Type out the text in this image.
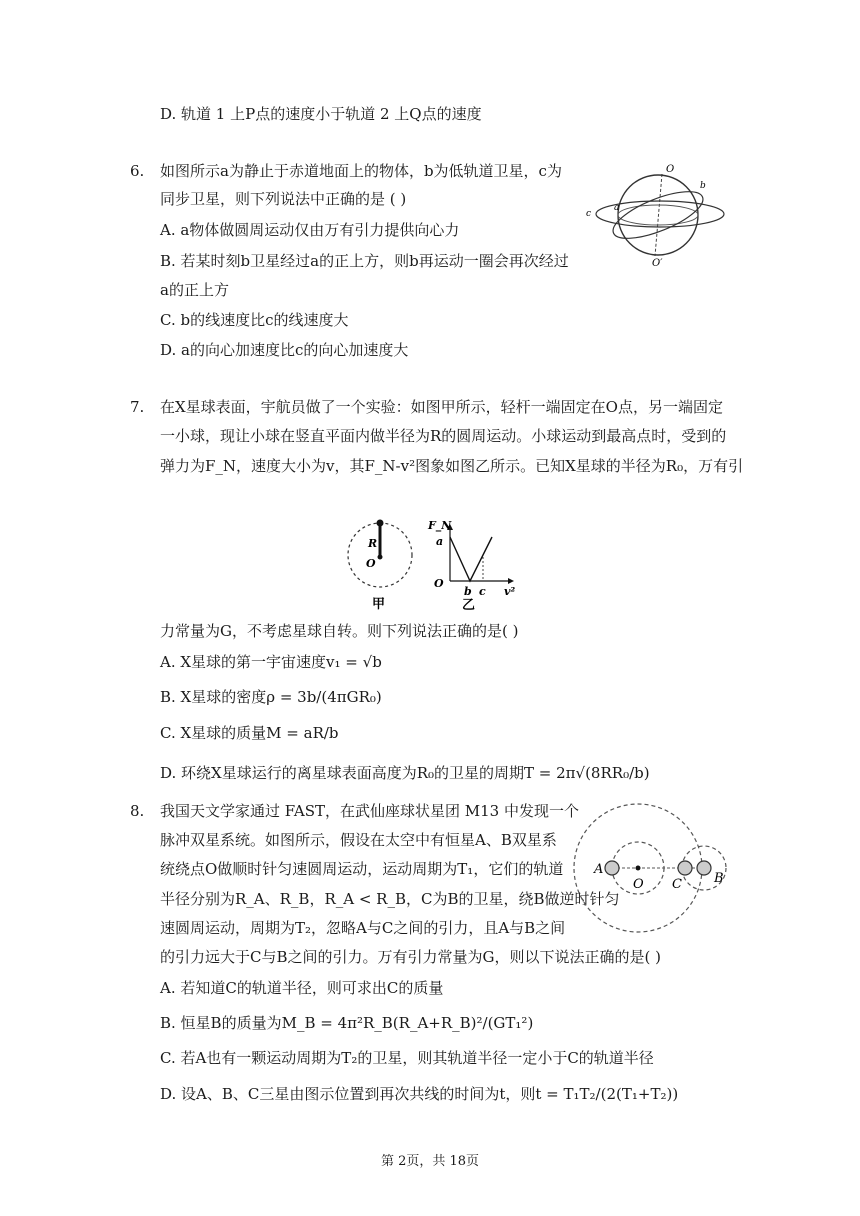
D. 轨道 1 上P点的速度小于轨道 2 上Q点的速度
6. 如图所示a为静止于赤道地面上的物体，b为低轨道卫星，c为
同步卫星，则下列说法中正确的是 ( )
A. a物体做圆周运动仅由万有引力提供向心力
B. 若某时刻b卫星经过a的正上方，则b再运动一圈会再次经过
a的正上方
C. b的线速度比c的线速度大
D. a的向心加速度比c的向心加速度大
O
O′
a
b
c
7. 在X星球表面，宇航员做了一个实验：如图甲所示，轻杆一端固定在O点，另一端固定
一小球，现让小球在竖直平面内做半径为R的圆周运动。小球运动到最高点时，受到的
弹力为F_N，速度大小为v，其F_N-v²图象如图乙所示。已知X星球的半径为R₀，万有引
R
O
甲
F_N
a
O
b c v²
乙
力常量为G，不考虑星球自转。则下列说法正确的是( )
A. X星球的第一宇宙速度v₁ = √b
B. X星球的密度ρ = 3b/(4πGR₀)
C. X星球的质量M = aR/b
D. 环绕X星球运行的离星球表面高度为R₀的卫星的周期T = 2π√(8RR₀/b)
8. 我国天文学家通过 FAST，在武仙座球状星团 M13 中发现一个
脉冲双星系统。如图所示，假设在太空中有恒星A、B双星系
统绕点O做顺时针匀速圆周运动，运动周期为T₁，它们的轨道
半径分别为R_A、R_B，R_A < R_B，C为B的卫星，绕B做逆时针匀
速圆周运动，周期为T₂，忽略A与C之间的引力，且A与B之间
的引力远大于C与B之间的引力。万有引力常量为G，则以下说法正确的是( )
A
O C B
A. 若知道C的轨道半径，则可求出C的质量
B. 恒星B的质量为M_B = 4π²R_B(R_A+R_B)²/(GT₁²)
C. 若A也有一颗运动周期为T₂的卫星，则其轨道半径一定小于C的轨道半径
D. 设A、B、C三星由图示位置到再次共线的时间为t，则t = T₁T₂/(2(T₁+T₂))
第 2页，共 18页
